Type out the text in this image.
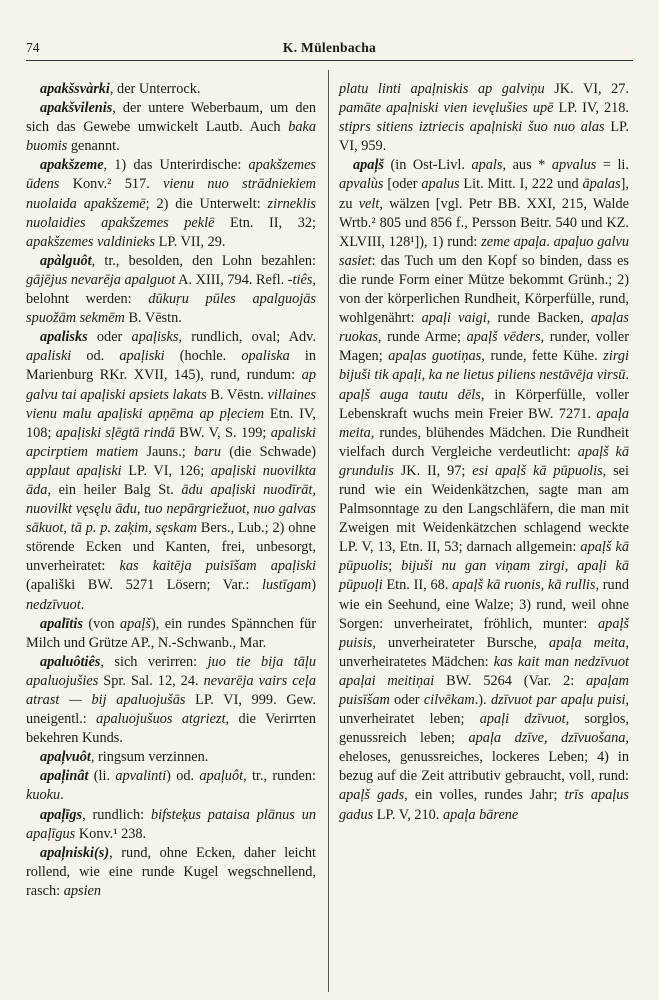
74	K. Mülenbacha

apakšsvàrki, der Unterrock.

apakšvilenis, der untere Weberbaum, um den sich das Gewebe umwickelt Lautb. Auch baka buomis genannt.

apakšzeme, 1) das Unterirdische: apakšzemes ūdens Konv.² 517. vienu nuo strādniekiem nuolaida apakšzemē; 2) die Unterwelt: zirneklis nuolaidies apakšzemes peklē Etn. II, 32; apakšzemes valdinieks LP. VII, 29.

apàlguôt, tr., besolden, den Lohn bezahlen: gājējus nevarēja apalguot A. XIII, 794. Refl. -tiês, belohnt werden: dūkuṛu pūles apalguojās spuožām sekmēm B. Vēstn.

apalisks oder apaļisks, rundlich, oval; Adv. apaliski od. apaļiski (hochle. opaliska in Marienburg RKr. XVII, 145), rund, rundum: ap galvu tai apaļiski apsiets lakats B. Vēstn. villaines vienu malu apaļiski apņēma ap pļeciem Etn. IV, 108; apaļiski sļēgtā rindā BW. V, S. 199; apaliski apcirptiem matiem Jauns.; baru (die Schwade) applaut apaļiski LP. VI, 126; apaļiski nuovilkta āda, ein heiler Balg St. ādu apaļiski nuodīrāt, nuovilkt vęsęlu ādu, tuo nepārgriežuot, nuo galvas sākuot, tā p. p. zaķim, sęskam Bers., Lub.; 2) ohne störende Ecken und Kanten, frei, unbesorgt, unverheiratet: kas kaitēja puisīšam apaļiski (apališki BW. 5271 Lösern; Var.: lustīgam) nedzīvuot.

apalītis (von apaļš), ein rundes Spännchen für Milch und Grütze AP., N.-Schwanb., Mar.

apaluôtiês, sich verirren: juo tie bija tāļu apaluojušies Spr. Sal. 12, 24. nevarēja vairs ceļa atrast — bij apaluojušās LP. VI, 999. Gew. uneigentl.: apaluojušuos atgriezt, die Verirrten bekehren Kunds.

apaļvuôt, ringsum verzinnen.

apaļinât (li. apvalinti) od. apaļuôt, tr., runden: kuoku.

apaļīgs, rundlich: bifsteķus pataisa plānus un apaļīgus Konv.¹ 238.

apaļniski(s), rund, ohne Ecken, daher leicht rollend, wie eine runde Kugel wegschnellend, rasch: apsien

platu linti apaļniskis ap galviņu JK. VI, 27. pamāte apaļniski vien ievęlušies upē LP. IV, 218. stiprs sitiens iztriecis apaļniski šuo nuo alas LP. VI, 959.

apaļš (in Ost-Livl. apals, aus * apvalus = li. apvalùs [oder apalus Lit. Mitt. I, 222 und āpalas], zu velt, wälzen [vgl. Petr BB. XXI, 215, Walde Wrtb.² 805 und 856 f., Persson Beitr. 540 und KZ. XLVIII, 128¹]), 1) rund: zeme apaļa. apaļuo galvu sasiet: das Tuch um den Kopf so binden, dass es die runde Form einer Mütze bekommt Grünh.; 2) von der körperlichen Rundheit, Körperfülle, rund, wohlgenährt: apaļi vaigi, runde Backen, apaļas ruokas, runde Arme; apaļš vēders, runder, voller Magen; apaļas guotiņas, runde, fette Kühe. zirgi bijuši tik apaļi, ka ne lietus piliens nestāvēja virsū. apaļš auga tautu dēls, in Körperfülle, voller Lebenskraft wuchs mein Freier BW. 7271. apaļa meita, rundes, blühendes Mädchen. Die Rundheit vielfach durch Vergleiche verdeutlicht: apaļš kā grundulis JK. II, 97; esi apaļš kā pūpuolis, sei rund wie ein Weidenkätzchen, sagte man am Palmsonntage zu den Langschläfern, die man mit Zweigen mit Weidenkätzchen schlagend weckte LP. V, 13, Etn. II, 53; darnach allgemein: apaļš kā pūpuolis; bijuši nu gan viņam zirgi, apaļi kā pūpuoļi Etn. II, 68. apaļš kā ruonis, kā rullis, rund wie ein Seehund, eine Walze; 3) rund, weil ohne Sorgen: unverheiratet, fröhlich, munter: apaļš puisis, unverheirateter Bursche, apaļa meita, unverheiratetes Mädchen: kas kait man nedzīvuot apaļai meitiņai BW. 5264 (Var. 2: apaļam puisīšam oder cilvēkam.). dzīvuot par apaļu puisi, unverheiratet leben; apaļi dzīvuot, sorglos, genussreich leben; apaļa dzīve, dzīvuošana, eheloses, genussreiches, lockeres Leben; 4) in bezug auf die Zeit attributiv gebraucht, voll, rund: apaļš gads, ein volles, rundes Jahr; trīs apaļus gadus LP. V, 210. apaļa bārene
